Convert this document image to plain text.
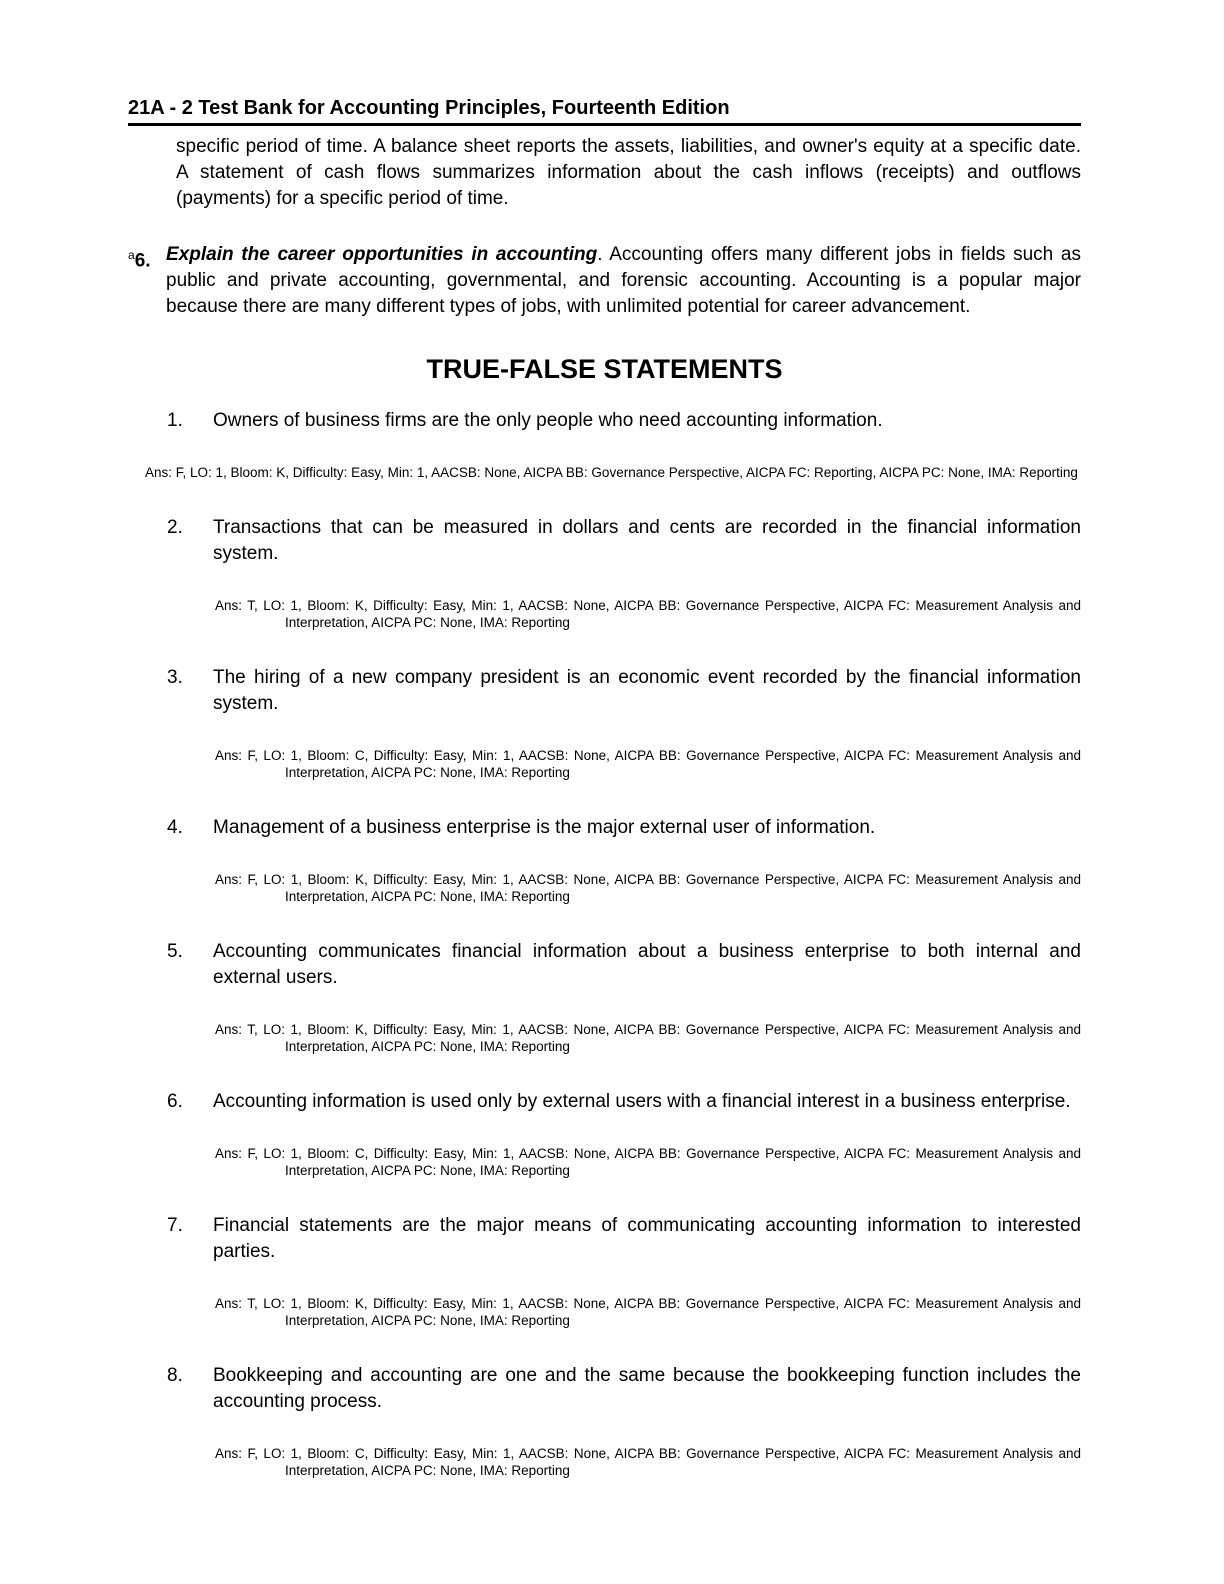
21A - 2 Test Bank for Accounting Principles, Fourteenth Edition

specific period of time. A balance sheet reports the assets, liabilities, and owner's equity at a specific date. A statement of cash flows summarizes information about the cash inflows (receipts) and outflows (payments) for a specific period of time.

$^a$6. Explain the career opportunities in accounting. Accounting offers many different jobs in fields such as public and private accounting, governmental, and forensic accounting. Accounting is a popular major because there are many different types of jobs, with unlimited potential for career advancement.
TRUE-FALSE STATEMENTS
1.	Owners of business firms are the only people who need accounting information.
Ans: F, LO: 1, Bloom: K, Difficulty: Easy, Min: 1, AACSB: None, AICPA BB: Governance Perspective, AICPA FC: Reporting, AICPA PC: None, IMA: Reporting
2.	Transactions that can be measured in dollars and cents are recorded in the financial information system.
Ans: T, LO: 1, Bloom: K, Difficulty: Easy, Min: 1, AACSB: None, AICPA BB: Governance Perspective, AICPA FC: Measurement Analysis and Interpretation, AICPA PC: None, IMA: Reporting
3.	The hiring of a new company president is an economic event recorded by the financial information system.
Ans: F, LO: 1, Bloom: C, Difficulty: Easy, Min: 1, AACSB: None, AICPA BB: Governance Perspective, AICPA FC: Measurement Analysis and Interpretation, AICPA PC: None, IMA: Reporting
4.	Management of a business enterprise is the major external user of information.
Ans: F, LO: 1, Bloom: K, Difficulty: Easy, Min: 1, AACSB: None, AICPA BB: Governance Perspective, AICPA FC: Measurement Analysis and Interpretation, AICPA PC: None, IMA: Reporting
5.	Accounting communicates financial information about a business enterprise to both internal and external users.
Ans: T, LO: 1, Bloom: K, Difficulty: Easy, Min: 1, AACSB: None, AICPA BB: Governance Perspective, AICPA FC: Measurement Analysis and Interpretation, AICPA PC: None, IMA: Reporting
6.	Accounting information is used only by external users with a financial interest in a business enterprise.
Ans: F, LO: 1, Bloom: C, Difficulty: Easy, Min: 1, AACSB: None, AICPA BB: Governance Perspective, AICPA FC: Measurement Analysis and Interpretation, AICPA PC: None, IMA: Reporting
7.	Financial statements are the major means of communicating accounting information to interested parties.
Ans: T, LO: 1, Bloom: K, Difficulty: Easy, Min: 1, AACSB: None, AICPA BB: Governance Perspective, AICPA FC: Measurement Analysis and Interpretation, AICPA PC: None, IMA: Reporting
8.	Bookkeeping and accounting are one and the same because the bookkeeping function includes the accounting process.
Ans: F, LO: 1, Bloom: C, Difficulty: Easy, Min: 1, AACSB: None, AICPA BB: Governance Perspective, AICPA FC: Measurement Analysis and Interpretation, AICPA PC: None, IMA: Reporting
